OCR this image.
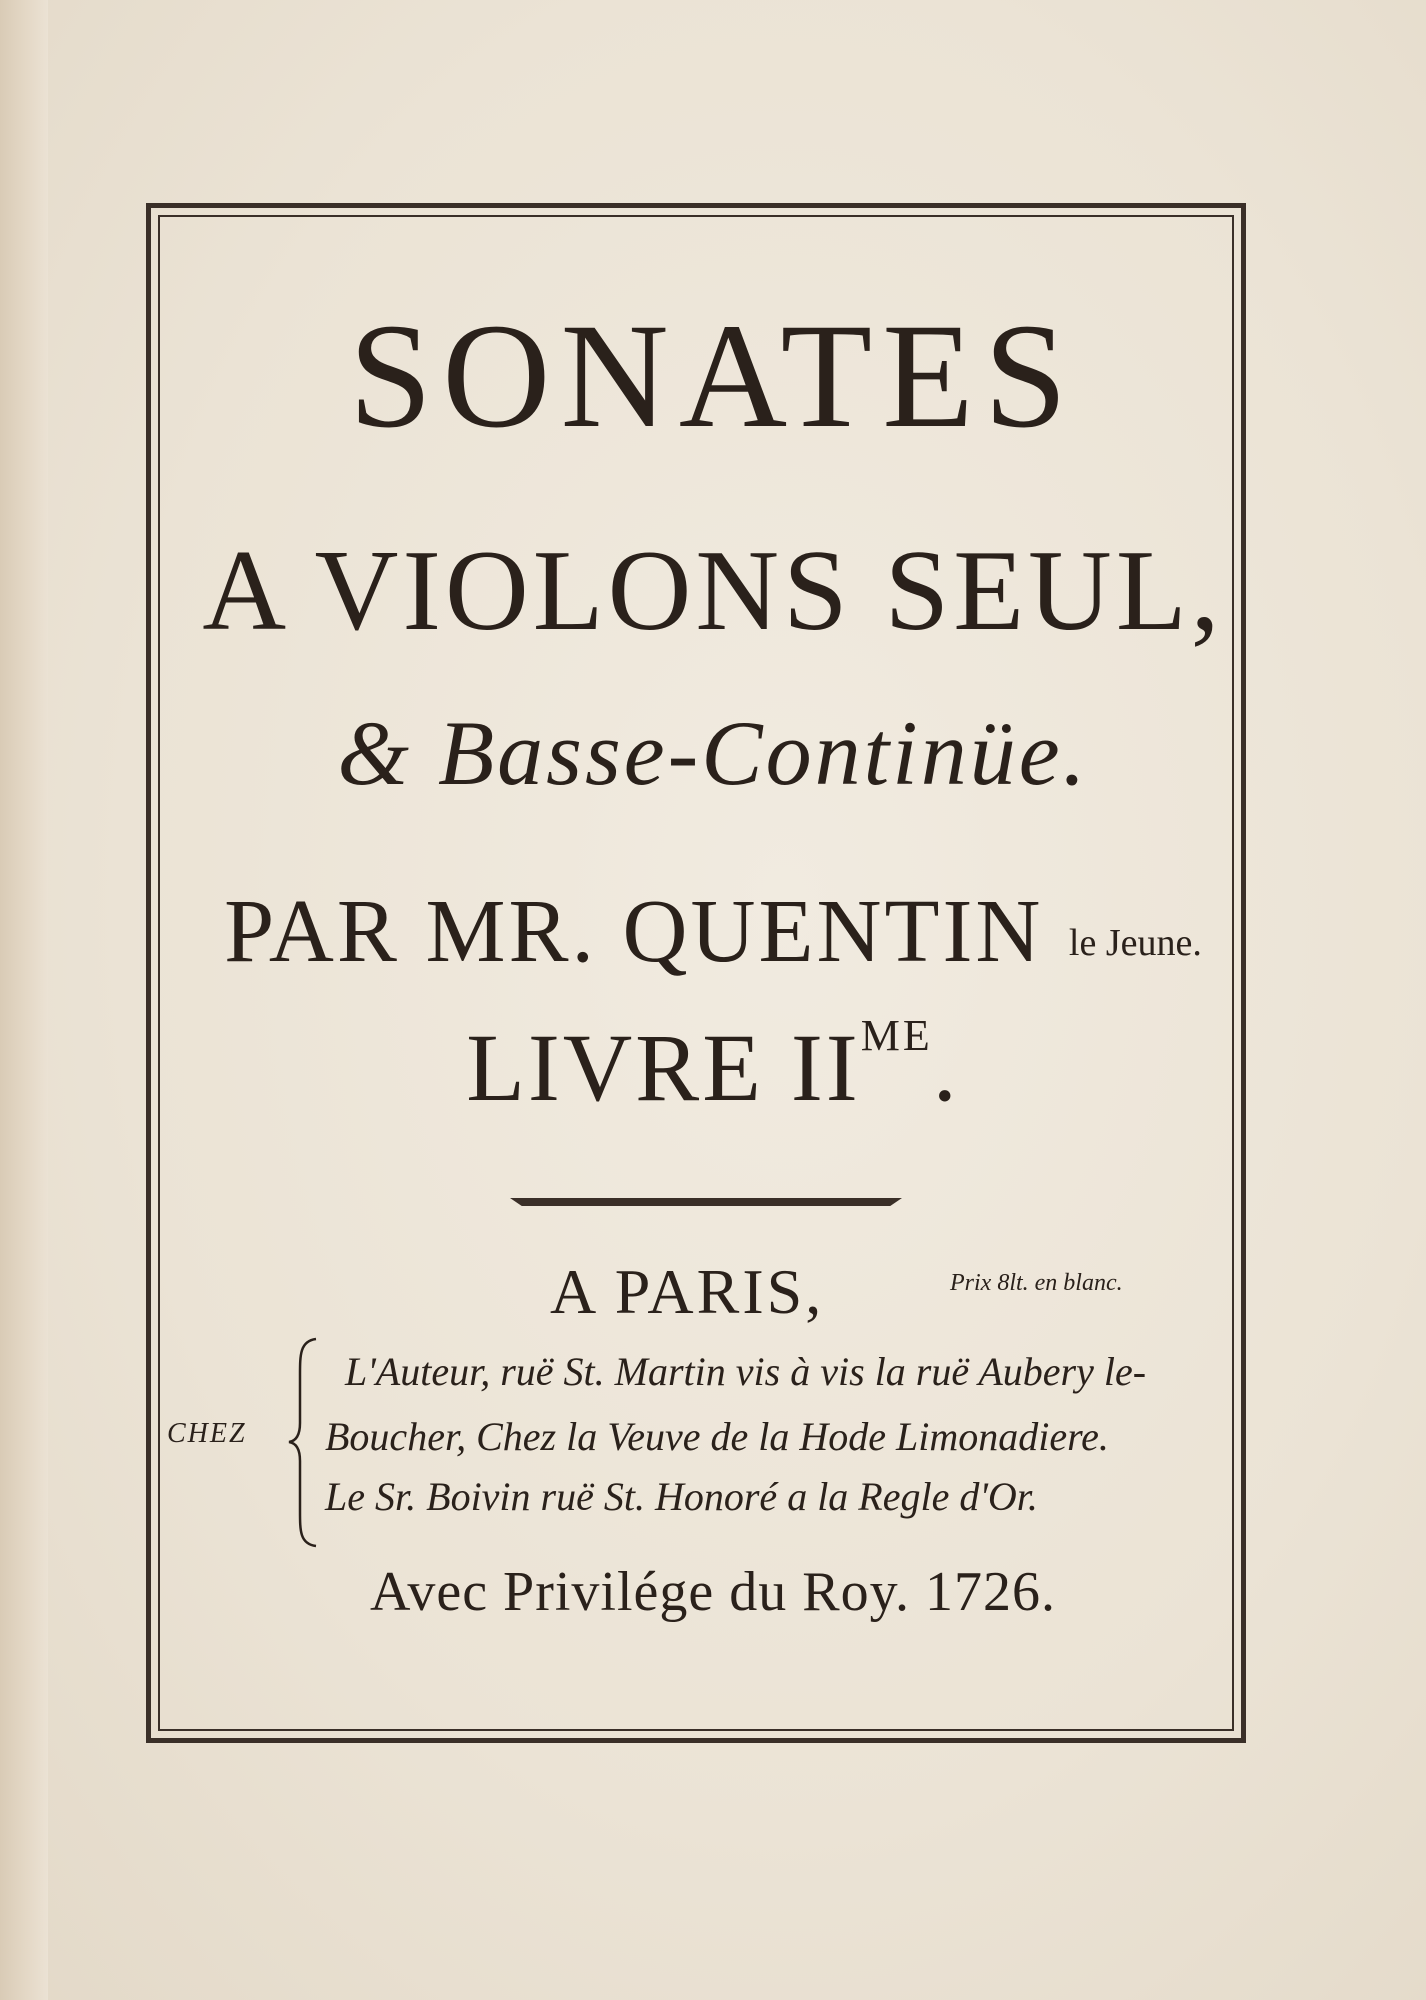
SONATES
A VIOLONS SEUL,
& Basse-Continüe.
PAR MR. QUENTIN le Jeune.
LIVRE $II^{ME}$.
A PARIS,	Prix 8lt. en blanc.
CHEZ
L'Auteur, ruë St. Martin vis à vis la ruë Aubery le-
Boucher, Chez la Veuve de la Hode Limonadiere.
Le Sr. Boivin ruë St. Honoré a la Regle d'Or.
Avec Privilége du Roy. 1726.
